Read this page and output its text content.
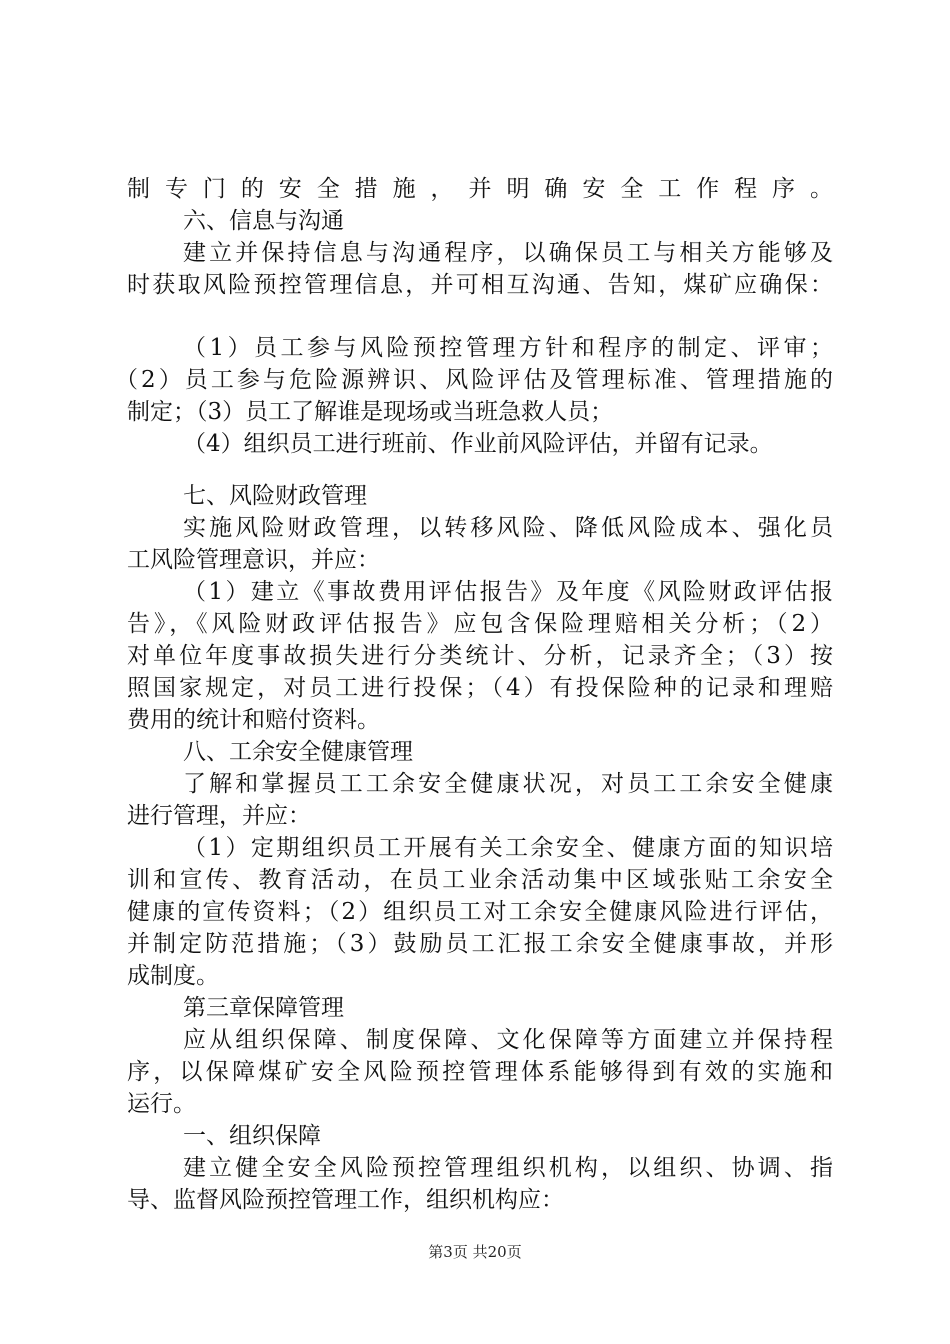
制专门的安全措施，并明确安全工作程序。
六、信息与沟通
建立并保持信息与沟通程序，以确保员工与相关方能够及
时获取风险预控管理信息，并可相互沟通、告知，煤矿应确保：
（1）员工参与风险预控管理方针和程序的制定、评审；
（2）员工参与危险源辨识、风险评估及管理标准、管理措施的
制定；（3）员工了解谁是现场或当班急救人员；
（4）组织员工进行班前、作业前风险评估，并留有记录。
七、风险财政管理
实施风险财政管理，以转移风险、降低风险成本、强化员
工风险管理意识，并应：
（1）建立《事故费用评估报告》及年度《风险财政评估报
告》，《风险财政评估报告》应包含保险理赔相关分析；（2）
对单位年度事故损失进行分类统计、分析，记录齐全；（3）按
照国家规定，对员工进行投保；（4）有投保险种的记录和理赔
费用的统计和赔付资料。
八、工余安全健康管理
了解和掌握员工工余安全健康状况，对员工工余安全健康
进行管理，并应：
（1）定期组织员工开展有关工余安全、健康方面的知识培
训和宣传、教育活动，在员工业余活动集中区域张贴工余安全
健康的宣传资料；（2）组织员工对工余安全健康风险进行评估，
并制定防范措施；（3）鼓励员工汇报工余安全健康事故，并形
成制度。
第三章保障管理
应从组织保障、制度保障、文化保障等方面建立并保持程
序，以保障煤矿安全风险预控管理体系能够得到有效的实施和
运行。
一、组织保障
建立健全安全风险预控管理组织机构，以组织、协调、指
导、监督风险预控管理工作，组织机构应：
第3页 共20页
